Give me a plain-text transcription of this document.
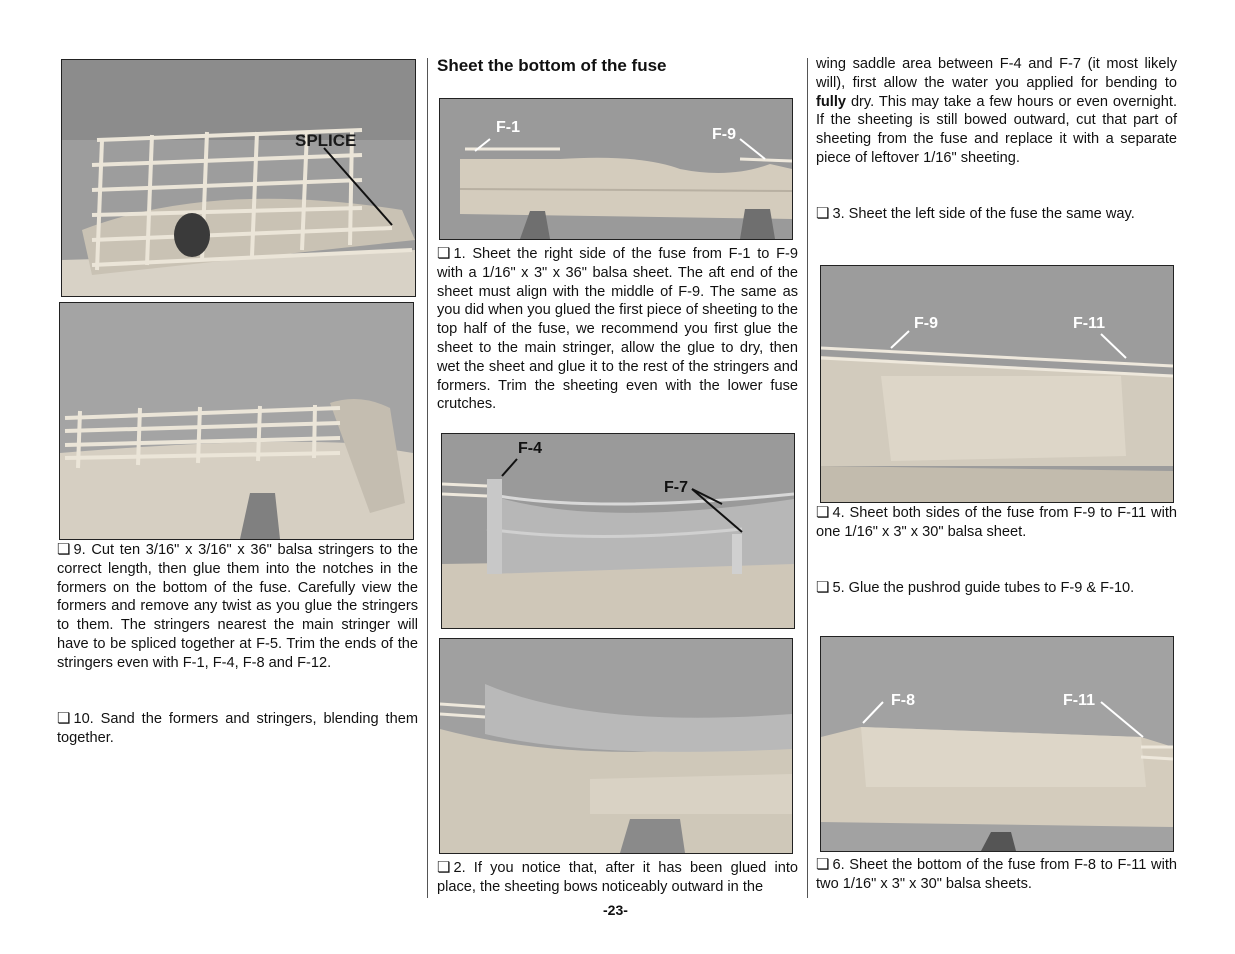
SPLICE

❏ 9. Cut ten 3/16" x 3/16" x 36" balsa stringers to the correct length, then glue them into the notches in the formers on the bottom of the fuse. Carefully view the formers and remove any twist as you glue the stringers to them. The stringers nearest the main stringer will have to be spliced together at F-5. Trim the ends of the stringers even with F-1, F-4, F-8 and F-12.

❏ 10. Sand the formers and stringers, blending them together.

Sheet the bottom of the fuse
F-1	F-9

❏ 1. Sheet the right side of the fuse from F-1 to F-9 with a 1/16" x 3" x 36" balsa sheet. The aft end of the sheet must align with the middle of F-9. The same as you did when you glued the first piece of sheeting to the top half of the fuse, we recommend you first glue the sheet to the main stringer, allow the glue to dry, then wet the sheet and glue it to the rest of the stringers and formers. Trim the sheeting even with the lower fuse crutches.

F-4
F-7

❏ 2. If you notice that, after it has been glued into place, the sheeting bows noticeably outward in the

-23-

wing saddle area between F-4 and F-7 (it most likely will), first allow the water you applied for bending to fully dry. This may take a few hours or even overnight. If the sheeting is still bowed outward, cut that part of sheeting from the fuse and replace it with a separate piece of leftover 1/16" sheeting.

❏ 3. Sheet the left side of the fuse the same way.

F-9	F-11

❏ 4. Sheet both sides of the fuse from F-9 to F-11 with one 1/16" x 3" x 30" balsa sheet.

❏ 5. Glue the pushrod guide tubes to F-9 & F-10.

F-8	F-11

❏ 6. Sheet the bottom of the fuse from F-8 to F-11 with two 1/16" x 3" x 30" balsa sheets.
